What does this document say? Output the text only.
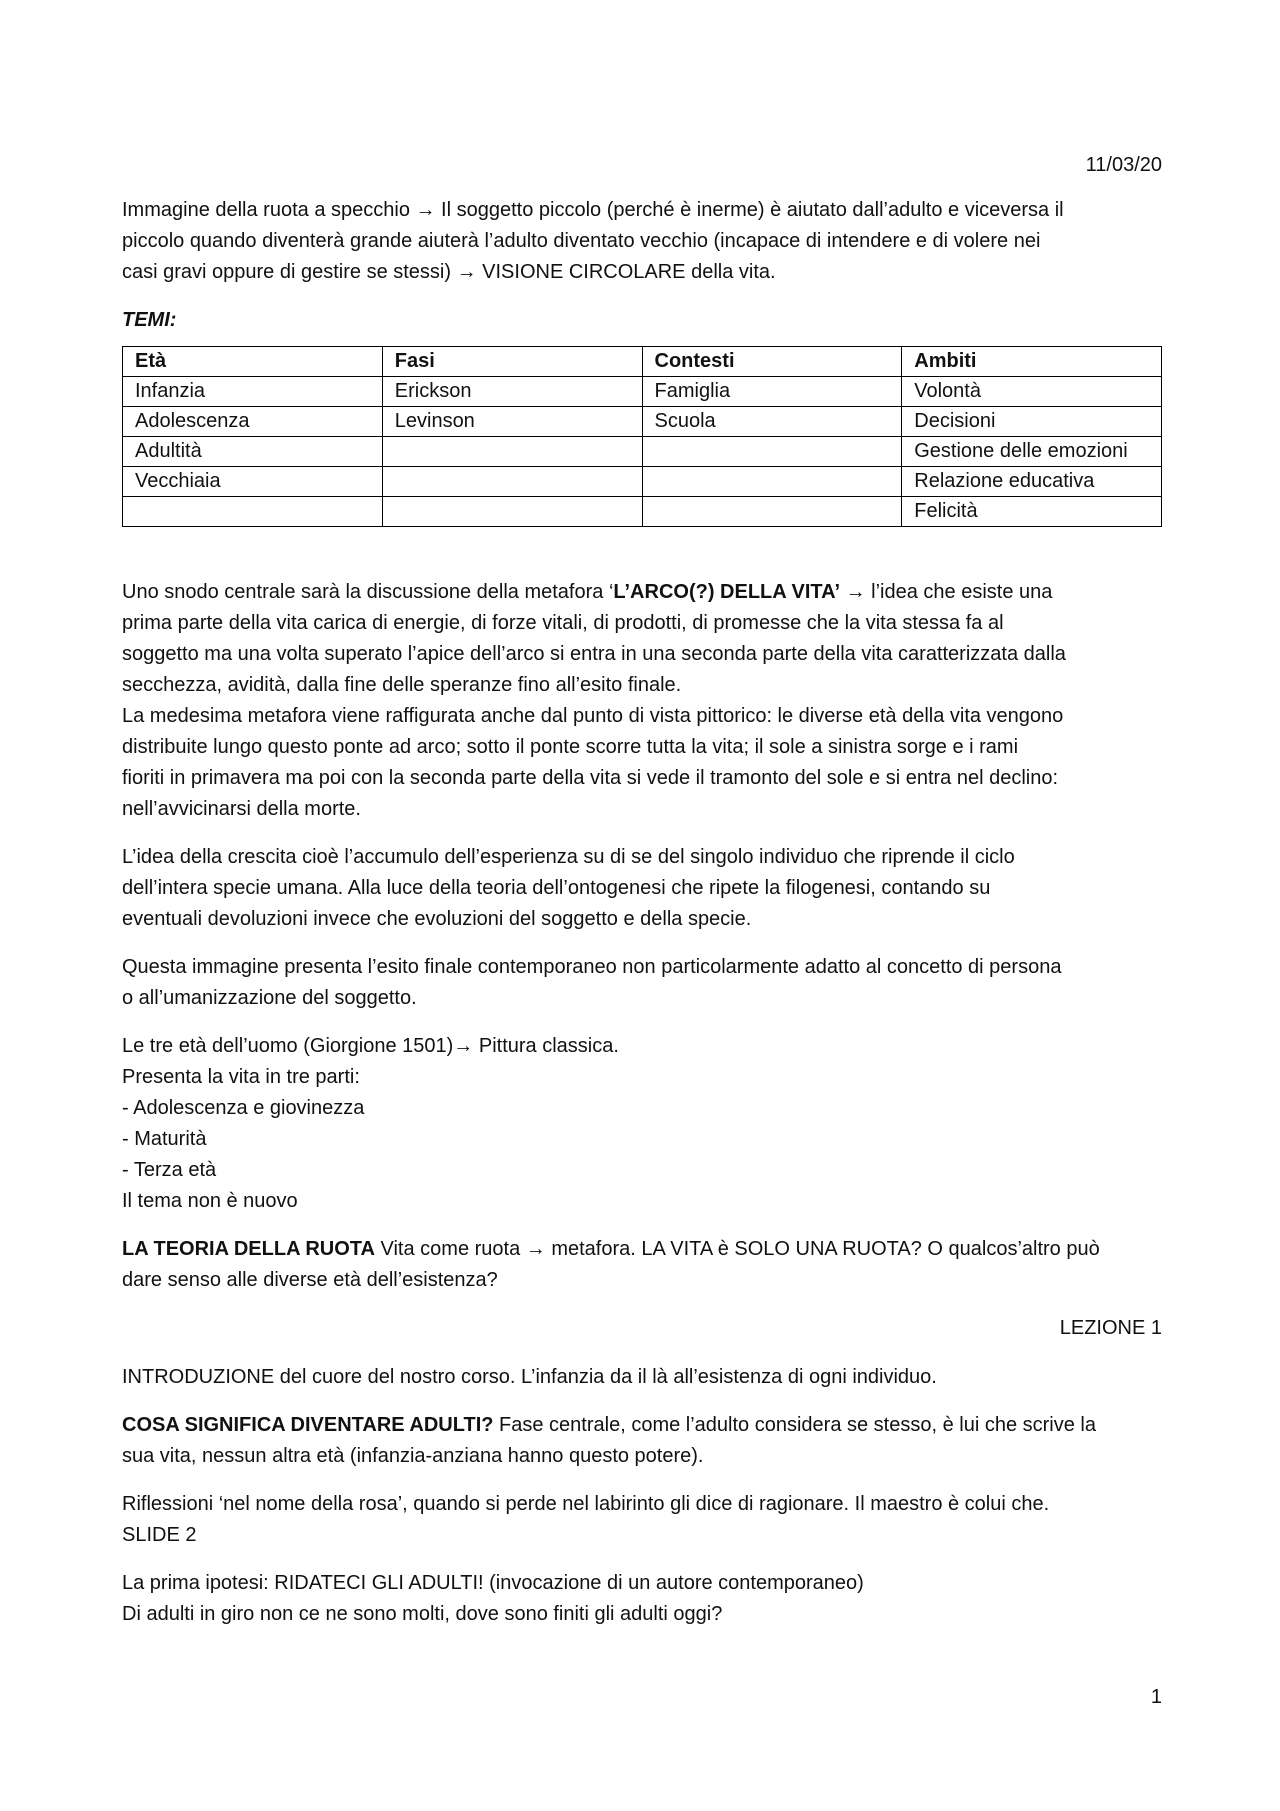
11/03/20

Immagine della ruota a specchio → Il soggetto piccolo (perché è inerme) è aiutato dall’adulto e viceversa il
piccolo quando diventerà grande aiuterà l’adulto diventato vecchio (incapace di intendere e di volere nei
casi gravi oppure di gestire se stessi) → VISIONE CIRCOLARE della vita.

TEMI:

Età	Fasi	Contesti	Ambiti
Infanzia	Erickson	Famiglia	Volontà
Adolescenza	Levinson	Scuola	Decisioni
Adultità			Gestione delle emozioni
Vecchiaia			Relazione educativa
			Felicità

Uno snodo centrale sarà la discussione della metafora ‘L’ARCO(?) DELLA VITA’ → l’idea che esiste una
prima parte della vita carica di energie, di forze vitali, di prodotti, di promesse che la vita stessa fa al
soggetto ma una volta superato l’apice dell’arco si entra in una seconda parte della vita caratterizzata dalla
secchezza, avidità, dalla fine delle speranze fino all’esito finale.
La medesima metafora viene raffigurata anche dal punto di vista pittorico: le diverse età della vita vengono
distribuite lungo questo ponte ad arco; sotto il ponte scorre tutta la vita; il sole a sinistra sorge e i rami
fioriti in primavera ma poi con la seconda parte della vita si vede il tramonto del sole e si entra nel declino:
nell’avvicinarsi della morte.

L’idea della crescita cioè l’accumulo dell’esperienza su di se del singolo individuo che riprende il ciclo
dell’intera specie umana. Alla luce della teoria dell’ontogenesi che ripete la filogenesi, contando su
eventuali devoluzioni invece che evoluzioni del soggetto e della specie.

Questa immagine presenta l’esito finale contemporaneo non particolarmente adatto al concetto di persona
o all’umanizzazione del soggetto.

Le tre età dell’uomo (Giorgione 1501)→ Pittura classica.
Presenta la vita in tre parti:
- Adolescenza e giovinezza
- Maturità
- Terza età
Il tema non è nuovo

LA TEORIA DELLA RUOTA Vita come ruota → metafora. LA VITA è SOLO UNA RUOTA? O qualcos’altro può
dare senso alle diverse età dell’esistenza?

LEZIONE 1

INTRODUZIONE del cuore del nostro corso. L’infanzia da il là all’esistenza di ogni individuo.

COSA SIGNIFICA DIVENTARE ADULTI? Fase centrale, come l’adulto considera se stesso, è lui che scrive la
sua vita, nessun altra età (infanzia-anziana hanno questo potere).

Riflessioni ‘nel nome della rosa’, quando si perde nel labirinto gli dice di ragionare. Il maestro è colui che.
SLIDE 2

La prima ipotesi: RIDATECI GLI ADULTI! (invocazione di un autore contemporaneo)
Di adulti in giro non ce ne sono molti, dove sono finiti gli adulti oggi?

1
